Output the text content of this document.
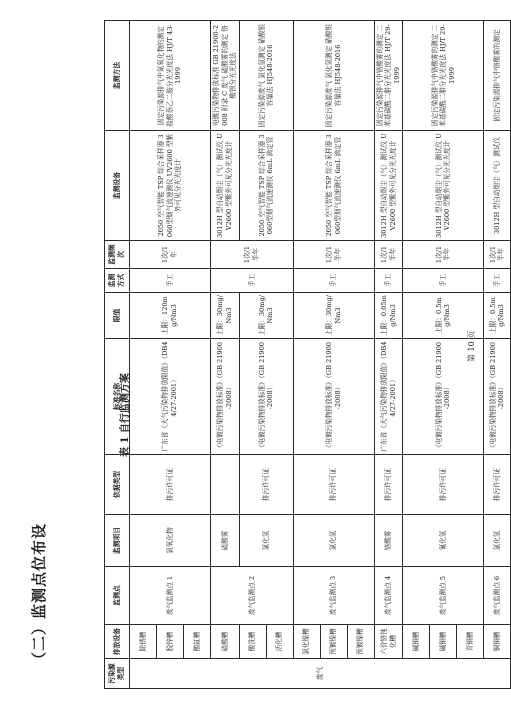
（二）监测点位布设
表 1 自行监测方案
污染源类型	排放设备	监测点	监测项目	依据类型	标准名称	限值	监测方式	监测频次	监测设备	监测方法
废气	除锈槽	废气监测点 1	氯氧化物	排污许可证	广东省《大气污染物排放限值》（DB44/27-2001）	上限：120mg/Nm3	手工	1次/1年	2050 空气智能 TSP 综合采样器 3060型烟气流速测仪 UV2600 型紫外可见分光光度计	固定污染源排气中氮氧化物的测定 盐酸萘乙二胺分光光度法 HJ/T 43-1999
	脱锌槽									
	酸缸槽									
	硫酸槽	废气监测点 2	硫酸雾		《电镀污染物排放标准》（GB 21900-2008）	上限：30mg/Nm3	手工	1次/1半年	3012H 型自动烟尘（气）测试仪 UV2600 型紫外可见分光光度计	电镀污染物排放标准 GB 21900-2008 附录 C 废气 硫酸雾的测定 铬酸钡分光光度法
	酸洗槽		氯化氢	排污许可证	《电镀污染物排放标准》（GB 21900-2008）	上限：30mg/Nm3			2050 空气智能 TSP 综合采样器 3060型烟气流速测仪 6mL 滴定管	固定污染源废气 氯化氢测定 硝酸银容量法 HJ548-2016
	活化槽									
	氯化镍槽	废气监测点 3	氯化氢	排污许可证	《电镀污染物排放标准》（GB 21900-2008）	上限：30mg/Nm3	手工	1次/1半年	2050 空气智能 TSP 综合采样器 3060型烟气流速测仪 6mL 滴定管	固定污染源废气 氯化氢测定 硝酸银容量法 HJ548-2016
	预镀镍槽									
	预镀镍槽									
	六价铬钝化槽	废气监测点 4	铬酸雾	排污许可证	广东省《大气污染物排放限值》（DB44/27-2001）	上限：0.05mg/Nm3	手工	1次/1半年	3012H 型自动烟尘（气）测试仪 UV2600 型紫外可见分光光度计	固定污染源排气中铬酸雾的测定 二苯基碳酰二肼分光光度法 HJ/T 29-1999
	碱铜槽	废气监测点 5	氰化氢	排污许可证	《电镀污染物排放标准》（GB 21900-2008）	上限：0.5mg/Nm3	手工	1次/1半年	3012H 型自动烟尘（气）测试仪 UV2600 型紫外可见分光光度计	固定污染源排气中铬酸雾的测定 二苯基碳酰二肼分光光度法 HJ/T 29-1999
	碱铜槽									
	青铜槽									
	铜铜槽	废气监测点 6	氯化氢	排污许可证	《电镀污染物排放标准》（GB 21900-2008）	上限：0.5mg/Nm3	手工	1次/1半年	3012H 型自动烟尘（气）测试仪	固定污染源排气中铬酸雾的测定
第 10 页
